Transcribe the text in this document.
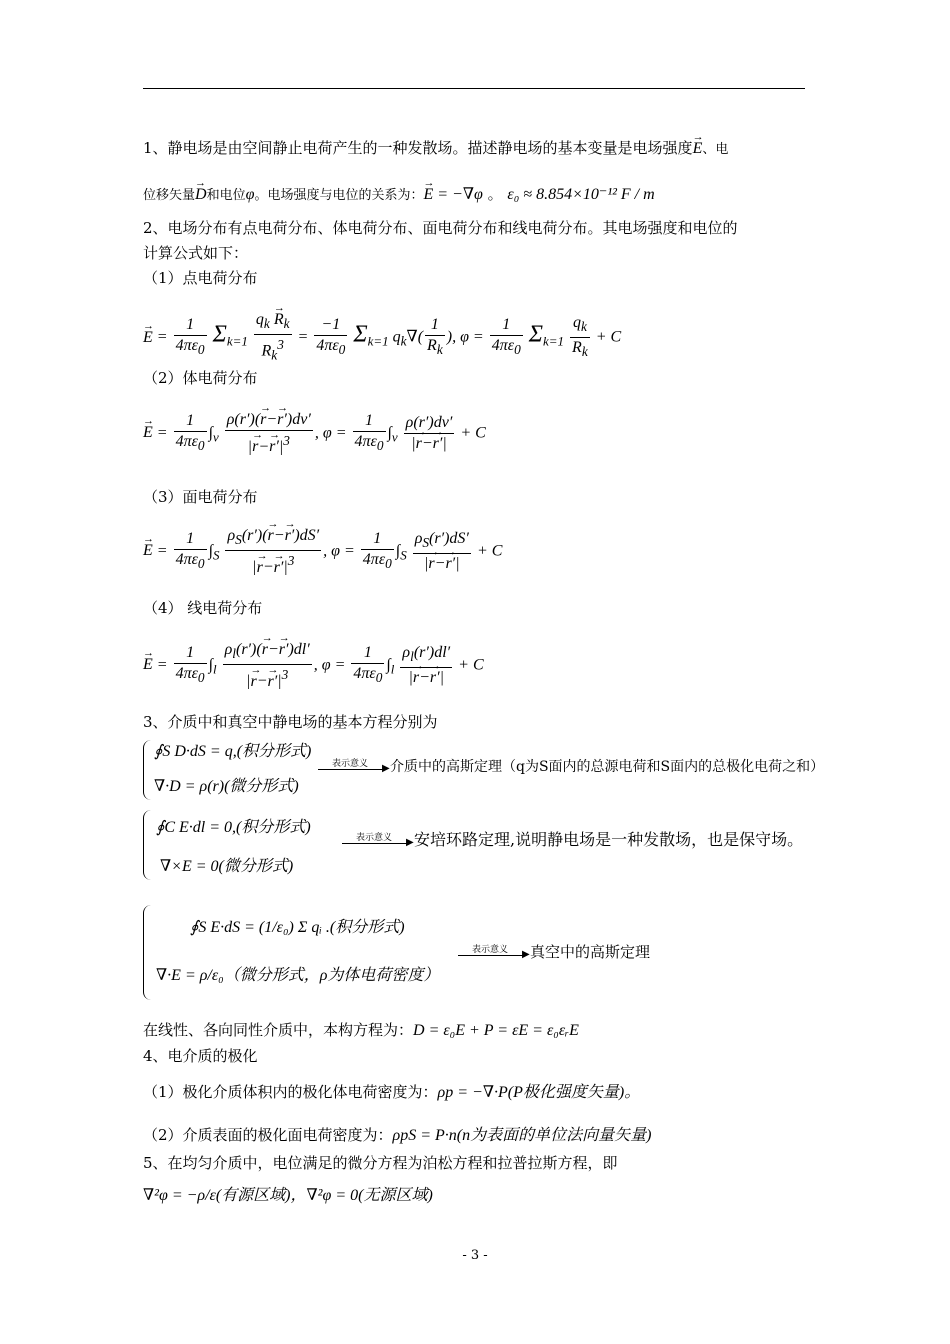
1、静电场是由空间静止电荷产生的一种发散场。描述静电场的基本变量是电场强度→ E、电
位移矢量→ D和电位φ。电场强度与电位的关系为：→ E = −∇φ 。 ε₀ ≈ 8.854×10⁻¹² F / m
2、电场分布有点电荷分布、体电荷分布、面电荷分布和线电荷分布。其电场强度和电位的
计算公式如下：
（1）点电荷分布
→ $E = \frac{1}{4\pi\varepsilon_0} \Sigma_{k=1} \frac{q_k \to R_k}{R_k^3} = \frac{-1}{4\pi\varepsilon_0} \Sigma_{k=1}$ $q_k\nabla( \frac{1}{R_k}$ ), $\varphi = \frac{1}{4\pi\varepsilon_0} \Sigma_{k=1} \frac{q_k}{R_k} + C$
（2）体电荷分布
→ $E = \frac{1}{4\pi\varepsilon_0} \int_v \frac{\rho(r')(\to r-\to r')dv'}{|\to r-\to r'|^3}$ , $\varphi = \frac{1}{4\pi\varepsilon_0} \int_v \frac{\rho(r')dv'}{|\to r-\to r'|} + C$
（3）面电荷分布
→ $E = \frac{1}{4\pi\varepsilon_0} \int_S \frac{\rho_S(r')(\to r-\to r')dS'}{|\to r-\to r'|^3}$ , $\varphi = \frac{1}{4\pi\varepsilon_0} \int_S \frac{\rho_S(r')dS'}{|\to r-\to r'|} + C$
（4） 线电荷分布
→ $E = \frac{1}{4\pi\varepsilon_0} \int_l \frac{\rho_l(r')(\to r-\to r')dl'}{|\to r-\to r'|^3}$ , $\varphi = \frac{1}{4\pi\varepsilon_0} \int_l \frac{\rho_l(r')dl'}{|\to r-\to r'|} + C$
3、介质中和真空中静电场的基本方程分别为
∮S D·dS = q,(积分形式)
∇·D = ρ(r)(微分形式)
表示意义	▶ 介质中的高斯定理（q为S面内的总源电荷和S面内的总极化电荷之和）
∮C E·dl = 0,(积分形式)
∇×E = 0(微分形式)
表示意义	▶ 安培环路定理,说明静电场是一种发散场，也是保守场。
∮S E·dS = (1/ε₀) Σ qᵢ .(积分形式)
∇·E = ρ/ε₀（微分形式，ρ为体电荷密度）
表示意义	▶ 真空中的高斯定理
在线性、各向同性介质中，本构方程为：D = ε₀E + P = εE = ε₀εᵣE
4、电介质的极化
（1）极化介质体积内的极化体电荷密度为：ρp = −∇·P(P极化强度矢量)。
（2）介质表面的极化面电荷密度为：ρpS = P·n(n为表面的单位法向量矢量)
5、在均匀介质中，电位满足的微分方程为泊松方程和拉普拉斯方程，即
∇²φ = −ρ/ε(有源区域)，∇²φ = 0(无源区域)
- 3 -
